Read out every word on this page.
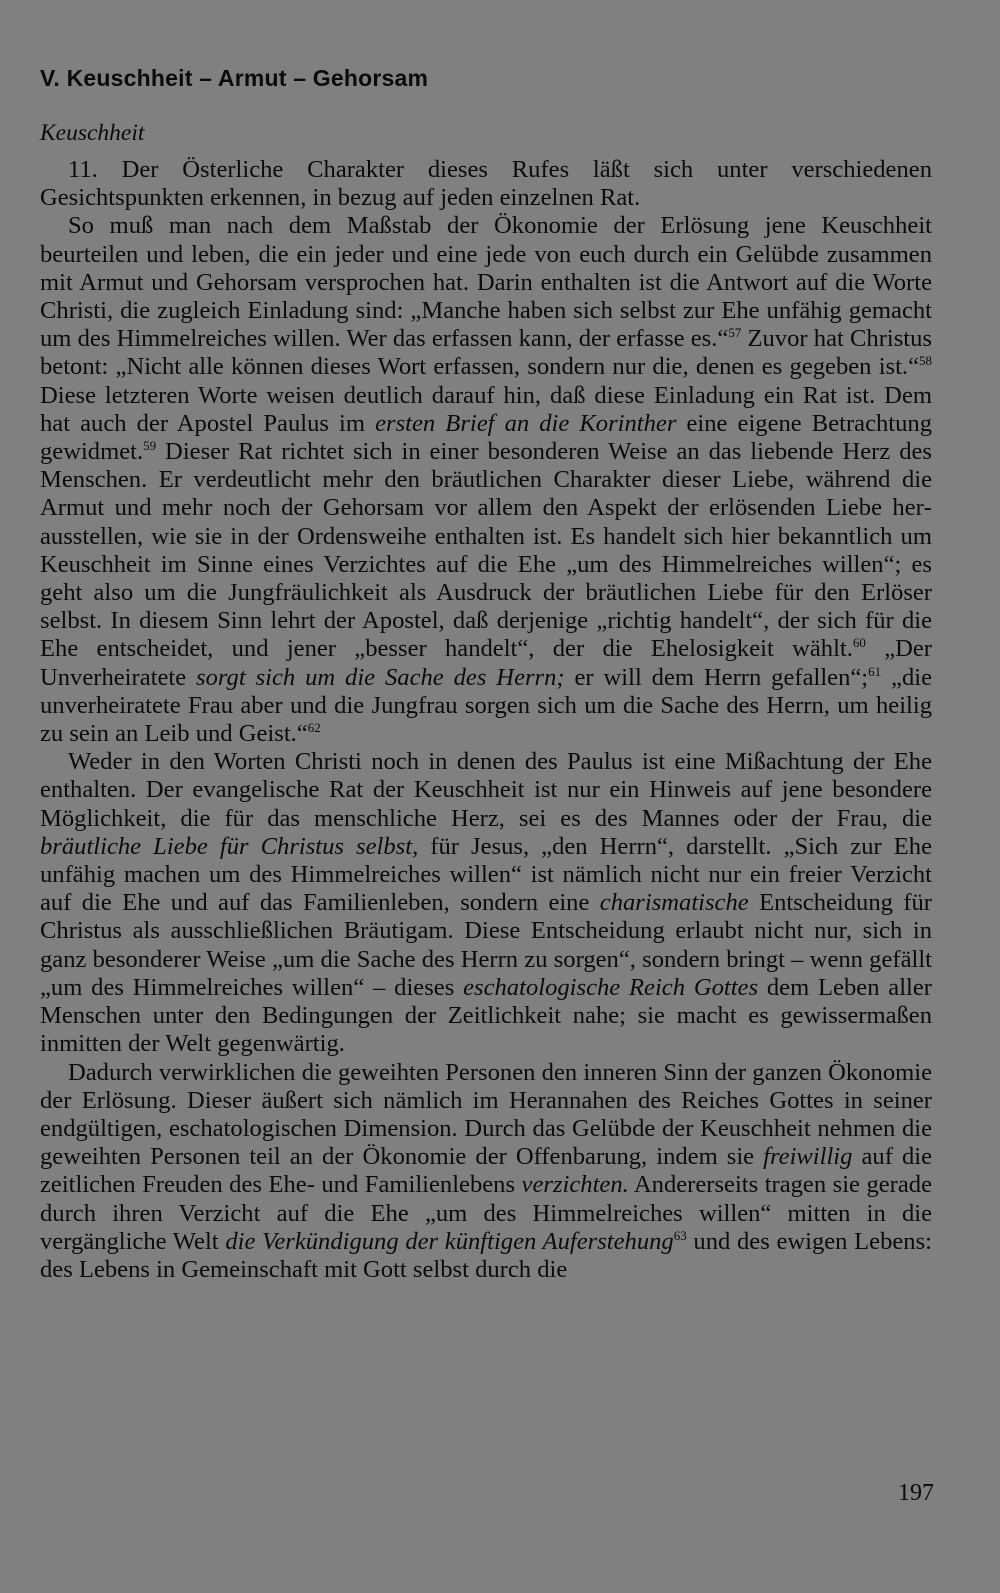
V. Keuschheit – Armut – Gehorsam
Keuschheit

11. Der Österliche Charakter dieses Rufes läßt sich unter verschiedenen Gesichtspunkten erkennen, in bezug auf jeden einzelnen Rat.

So muß man nach dem Maßstab der Ökonomie der Erlösung jene Keuschheit beurteilen und leben, die ein jeder und eine jede von euch durch ein Gelübde zusammen mit Armut und Gehorsam versprochen hat. Darin enthalten ist die Antwort auf die Worte Christi, die zugleich Einladung sind: „Manche haben sich selbst zur Ehe unfähig gemacht um des Himmelreiches willen. Wer das erfassen kann, der erfasse es.“$^{57}$ Zuvor hat Christus betont: „Nicht alle können dieses Wort erfassen, sondern nur die, denen es gegeben ist.“$^{58}$ Diese letzteren Worte weisen deutlich darauf hin, daß diese Einladung ein Rat ist. Dem hat auch der Apostel Paulus im ersten Brief an die Korinther eine eigene Betrachtung gewidmet.$^{59}$ Dieser Rat richtet sich in einer besonderen Weise an das liebende Herz des Menschen. Er verdeutlicht mehr den bräutlichen Charakter dieser Liebe, während die Armut und mehr noch der Gehorsam vor allem den Aspekt der erlösenden Liebe herausstellen, wie sie in der Ordensweihe enthalten ist. Es handelt sich hier bekanntlich um Keuschheit im Sinne eines Verzichtes auf die Ehe „um des Himmelreiches willen“; es geht also um die Jungfräulichkeit als Ausdruck der bräutlichen Liebe für den Erlöser selbst. In diesem Sinn lehrt der Apostel, daß derjenige „richtig handelt“, der sich für die Ehe entscheidet, und jener „besser handelt“, der die Ehelosigkeit wählt.$^{60}$ „Der Unverheiratete sorgt sich um die Sache des Herrn; er will dem Herrn gefallen“;$^{61}$ „die unverheiratete Frau aber und die Jungfrau sorgen sich um die Sache des Herrn, um heilig zu sein an Leib und Geist.“$^{62}$

Weder in den Worten Christi noch in denen des Paulus ist eine Mißachtung der Ehe enthalten. Der evangelische Rat der Keuschheit ist nur ein Hinweis auf jene besondere Möglichkeit, die für das menschliche Herz, sei es des Mannes oder der Frau, die bräutliche Liebe für Christus selbst, für Jesus, „den Herrn“, darstellt. „Sich zur Ehe unfähig machen um des Himmelreiches willen“ ist nämlich nicht nur ein freier Verzicht auf die Ehe und auf das Familienleben, sondern eine charismatische Entscheidung für Christus als ausschließlichen Bräutigam. Diese Entscheidung erlaubt nicht nur, sich in ganz besonderer Weise „um die Sache des Herrn zu sorgen“, sondern bringt – wenn gefällt „um des Himmelreiches willen“ – dieses eschatologische Reich Gottes dem Leben aller Menschen unter den Bedingungen der Zeitlichkeit nahe; sie macht es gewissermaßen inmitten der Welt gegenwärtig.

Dadurch verwirklichen die geweihten Personen den inneren Sinn der ganzen Ökonomie der Erlösung. Dieser äußert sich nämlich im Herannahen des Reiches Gottes in seiner endgültigen, eschatologischen Dimension. Durch das Gelübde der Keuschheit nehmen die geweihten Personen teil an der Ökonomie der Offenbarung, indem sie freiwillig auf die zeitlichen Freuden des Ehe- und Familienlebens verzichten. Andererseits tragen sie gerade durch ihren Verzicht auf die Ehe „um des Himmelreiches willen“ mitten in die vergängliche Welt die Verkündigung der künftigen Auferstehung$^{63}$ und des ewigen Lebens: des Lebens in Gemeinschaft mit Gott selbst durch die

197
